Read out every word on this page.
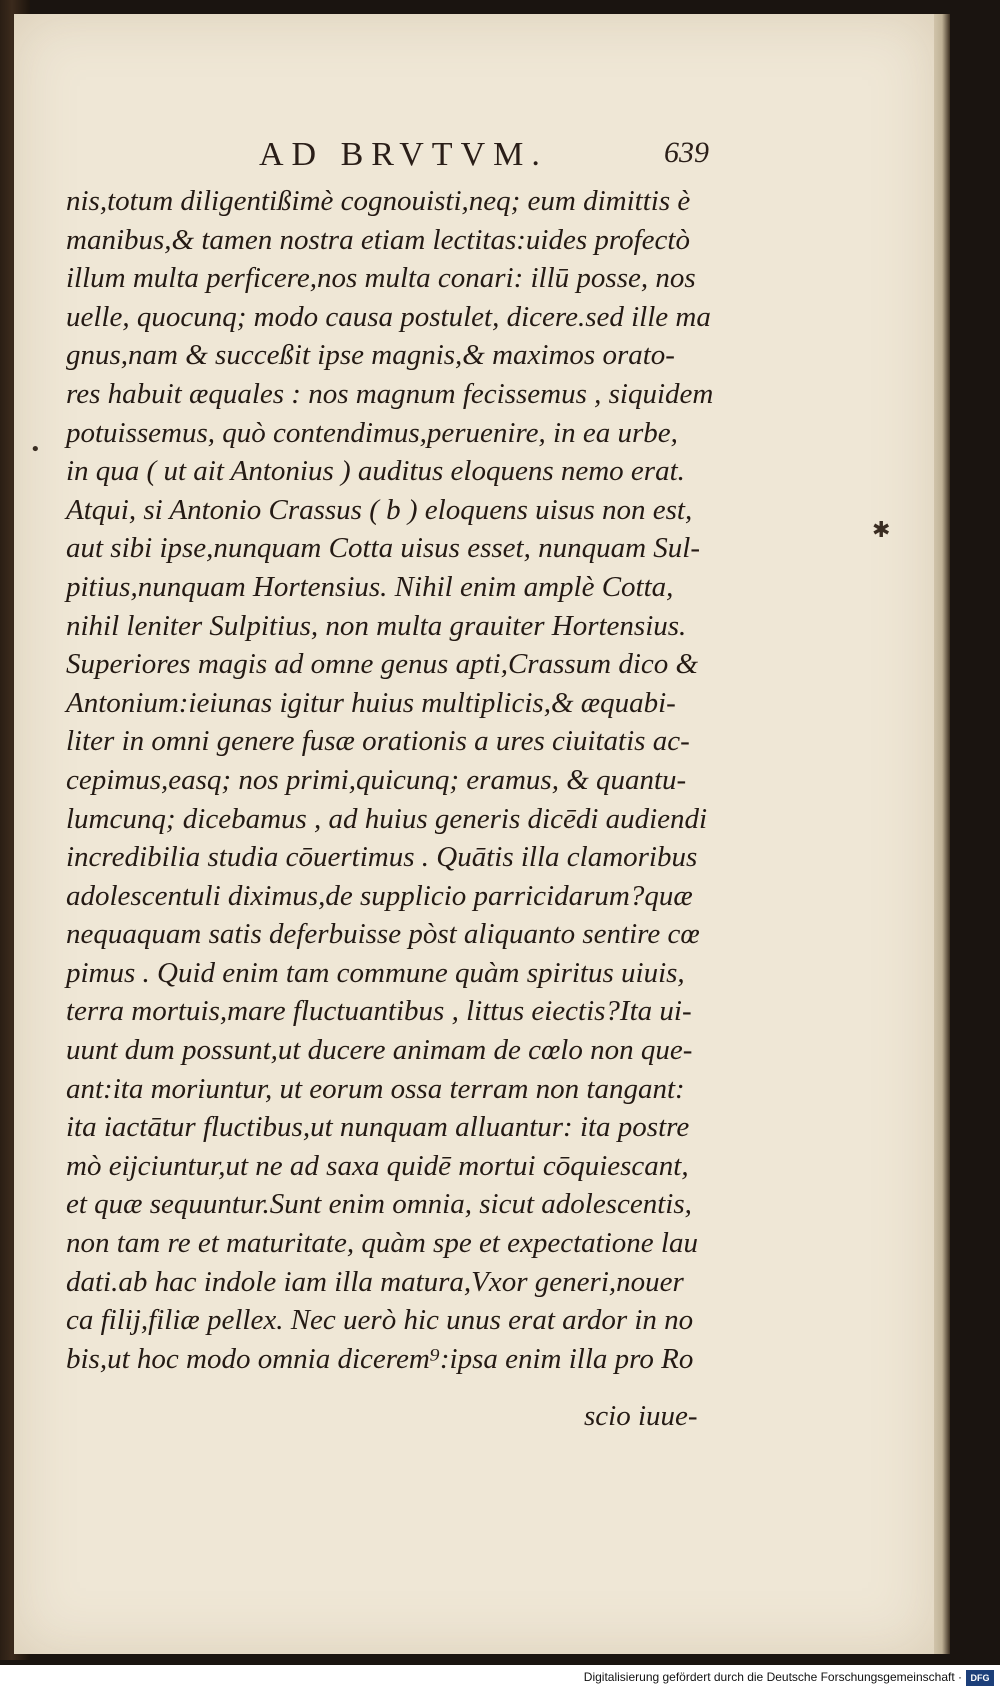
AD BRVTVM.	639
nis,totum diligentißimè cognouisti,neq; eum dimittis è
manibus,& tamen nostra etiam lectitas:uides profectò
illum multa perficere,nos multa conari: illū posse, nos
uelle, quocunq; modo causa postulet, dicere.sed ille ma
gnus,nam & succeßit ipse magnis,& maximos orato-
res habuit æquales : nos magnum fecissemus , siquidem
potuissemus, quò contendimus,peruenire, in ea urbe,
in qua ( ut ait Antonius ) auditus eloquens nemo erat.
Atqui, si Antonio Crassus ( b ) eloquens uisus non est,
aut sibi ipse,nunquam Cotta uisus esset, nunquam Sul-
pitius,nunquam Hortensius. Nihil enim amplè Cotta,
nihil leniter Sulpitius, non multa grauiter Hortensius.
Superiores magis ad omne genus apti,Crassum dico &
Antonium:ieiunas igitur huius multiplicis,& æquabi-
liter in omni genere fusæ orationis a ures ciuitatis ac-
cepimus,easq; nos primi,quicunq; eramus, & quantu-
lumcunq; dicebamus , ad huius generis dicēdi audiendi
incredibilia studia cōuertimus . Quātis illa clamoribus
adolescentuli diximus,de supplicio parricidarum?quæ
nequaquam satis deferbuisse pòst aliquanto sentire cœ
pimus . Quid enim tam commune quàm spiritus uiuis,
terra mortuis,mare fluctuantibus , littus eiectis?Ita ui-
uunt dum possunt,ut ducere animam de cœlo non que-
ant:ita moriuntur, ut eorum ossa terram non tangant:
ita iactātur fluctibus,ut nunquam alluantur: ita postre
mò eijciuntur,ut ne ad saxa quidē mortui cōquiescant,
et quæ sequuntur.Sunt enim omnia, sicut adolescentis,
non tam re et maturitate, quàm spe et expectatione lau
dati.ab hac indole iam illa matura,Vxor generi,nouer
ca filij,filiæ pellex. Nec uerò hic unus erat ardor in no
bis,ut hoc modo omnia dicerem⁹:ipsa enim illa pro Ro
scio iuue-
•
✱
Digitalisierung gefördert durch die Deutsche Forschungsgemeinschaft · DFG
